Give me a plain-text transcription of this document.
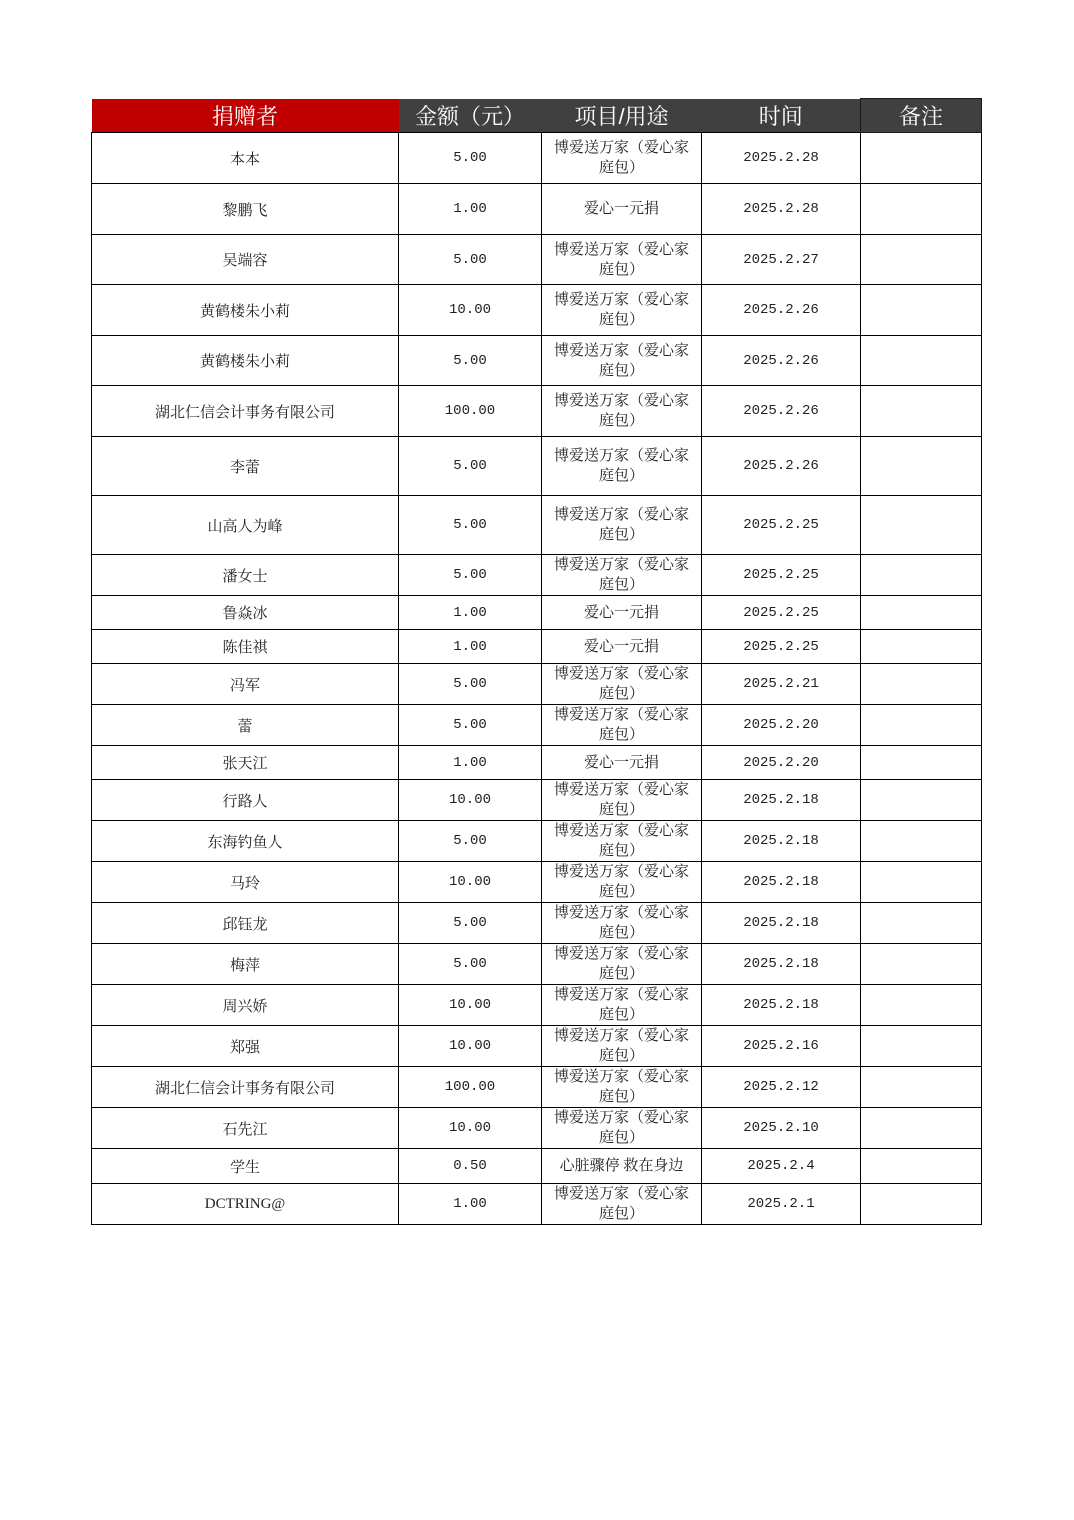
捐赠者	金额（元）	项目/用途	时间	备注
本本	5.00	博爱送万家（爱心家庭包）	2025.2.28	
黎鹏飞	1.00	爱心一元捐	2025.2.28	
吴端容	5.00	博爱送万家（爱心家庭包）	2025.2.27	
黄鹤楼朱小莉	10.00	博爱送万家（爱心家庭包）	2025.2.26	
黄鹤楼朱小莉	5.00	博爱送万家（爱心家庭包）	2025.2.26	
湖北仁信会计事务有限公司	100.00	博爱送万家（爱心家庭包）	2025.2.26	
李蕾	5.00	博爱送万家（爱心家庭包）	2025.2.26	
山高人为峰	5.00	博爱送万家（爱心家庭包）	2025.2.25	
潘女士	5.00	博爱送万家（爱心家庭包）	2025.2.25	
鲁焱冰	1.00	爱心一元捐	2025.2.25	
陈佳祺	1.00	爱心一元捐	2025.2.25	
冯军	5.00	博爱送万家（爱心家庭包）	2025.2.21	
蕾	5.00	博爱送万家（爱心家庭包）	2025.2.20	
张天江	1.00	爱心一元捐	2025.2.20	
行路人	10.00	博爱送万家（爱心家庭包）	2025.2.18	
东海钓鱼人	5.00	博爱送万家（爱心家庭包）	2025.2.18	
马玲	10.00	博爱送万家（爱心家庭包）	2025.2.18	
邱钰龙	5.00	博爱送万家（爱心家庭包）	2025.2.18	
梅萍	5.00	博爱送万家（爱心家庭包）	2025.2.18	
周兴娇	10.00	博爱送万家（爱心家庭包）	2025.2.18	
郑强	10.00	博爱送万家（爱心家庭包）	2025.2.16	
湖北仁信会计事务有限公司	100.00	博爱送万家（爱心家庭包）	2025.2.12	
石先江	10.00	博爱送万家（爱心家庭包）	2025.2.10	
学生	0.50	心脏骤停 救在身边	2025.2.4	
DCTRING@	1.00	博爱送万家（爱心家庭包）	2025.2.1	
